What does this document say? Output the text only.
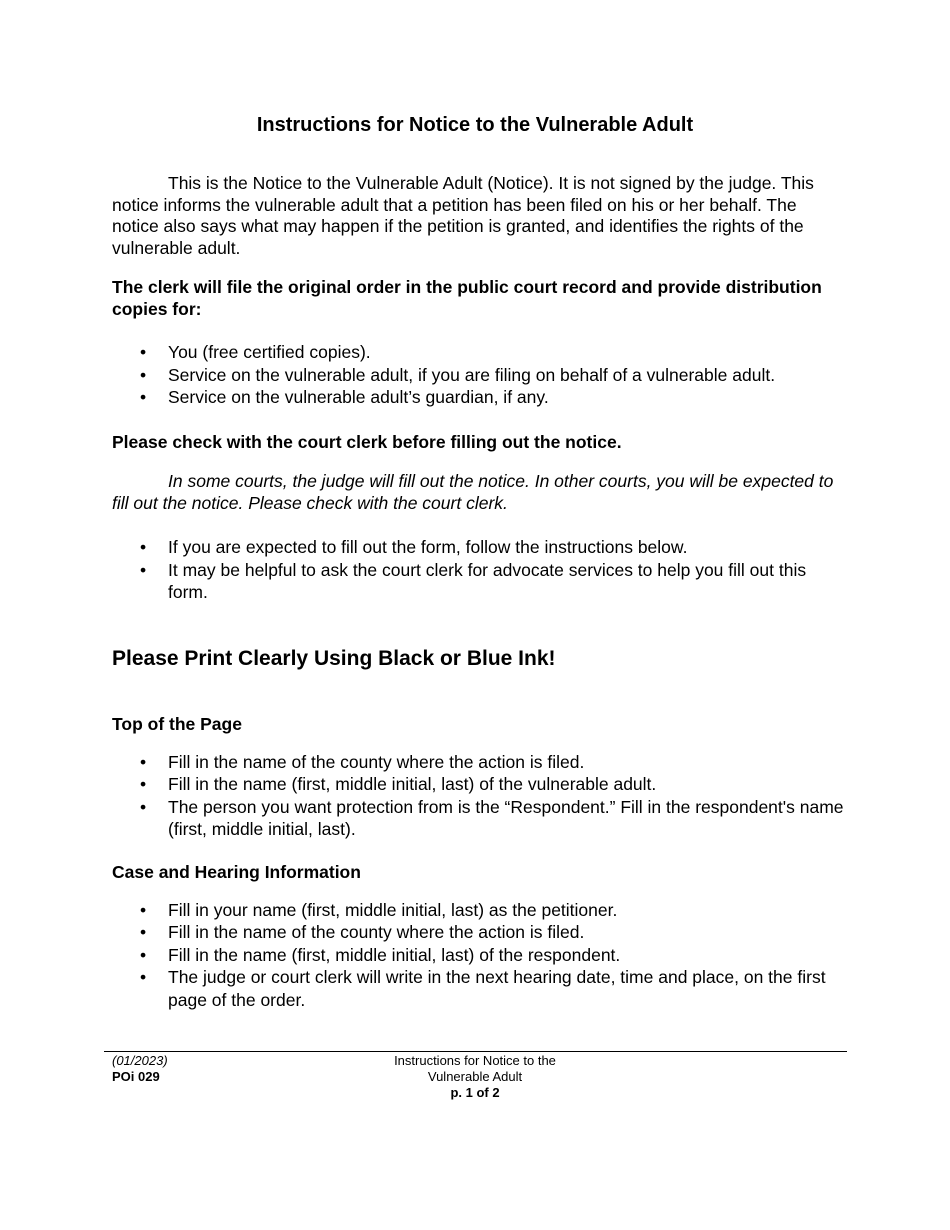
Instructions for Notice to the Vulnerable Adult

This is the Notice to the Vulnerable Adult (Notice). It is not signed by the judge. This notice informs the vulnerable adult that a petition has been filed on his or her behalf. The notice also says what may happen if the petition is granted, and identifies the rights of the vulnerable adult.

The clerk will file the original order in the public court record and provide distribution copies for:

• You (free certified copies).
• Service on the vulnerable adult, if you are filing on behalf of a vulnerable adult.
• Service on the vulnerable adult’s guardian, if any.

Please check with the court clerk before filling out the notice.

In some courts, the judge will fill out the notice. In other courts, you will be expected to fill out the notice. Please check with the court clerk.

• If you are expected to fill out the form, follow the instructions below.
• It may be helpful to ask the court clerk for advocate services to help you fill out this form.

Please Print Clearly Using Black or Blue Ink!

Top of the Page

• Fill in the name of the county where the action is filed.
• Fill in the name (first, middle initial, last) of the vulnerable adult.
• The person you want protection from is the “Respondent.” Fill in the respondent's name (first, middle initial, last).

Case and Hearing Information

• Fill in your name (first, middle initial, last) as the petitioner.
• Fill in the name of the county where the action is filed.
• Fill in the name (first, middle initial, last) of the respondent.
• The judge or court clerk will write in the next hearing date, time and place, on the first page of the order.
(01/2023)
POi 029
Instructions for Notice to the
Vulnerable Adult
p. 1 of 2
